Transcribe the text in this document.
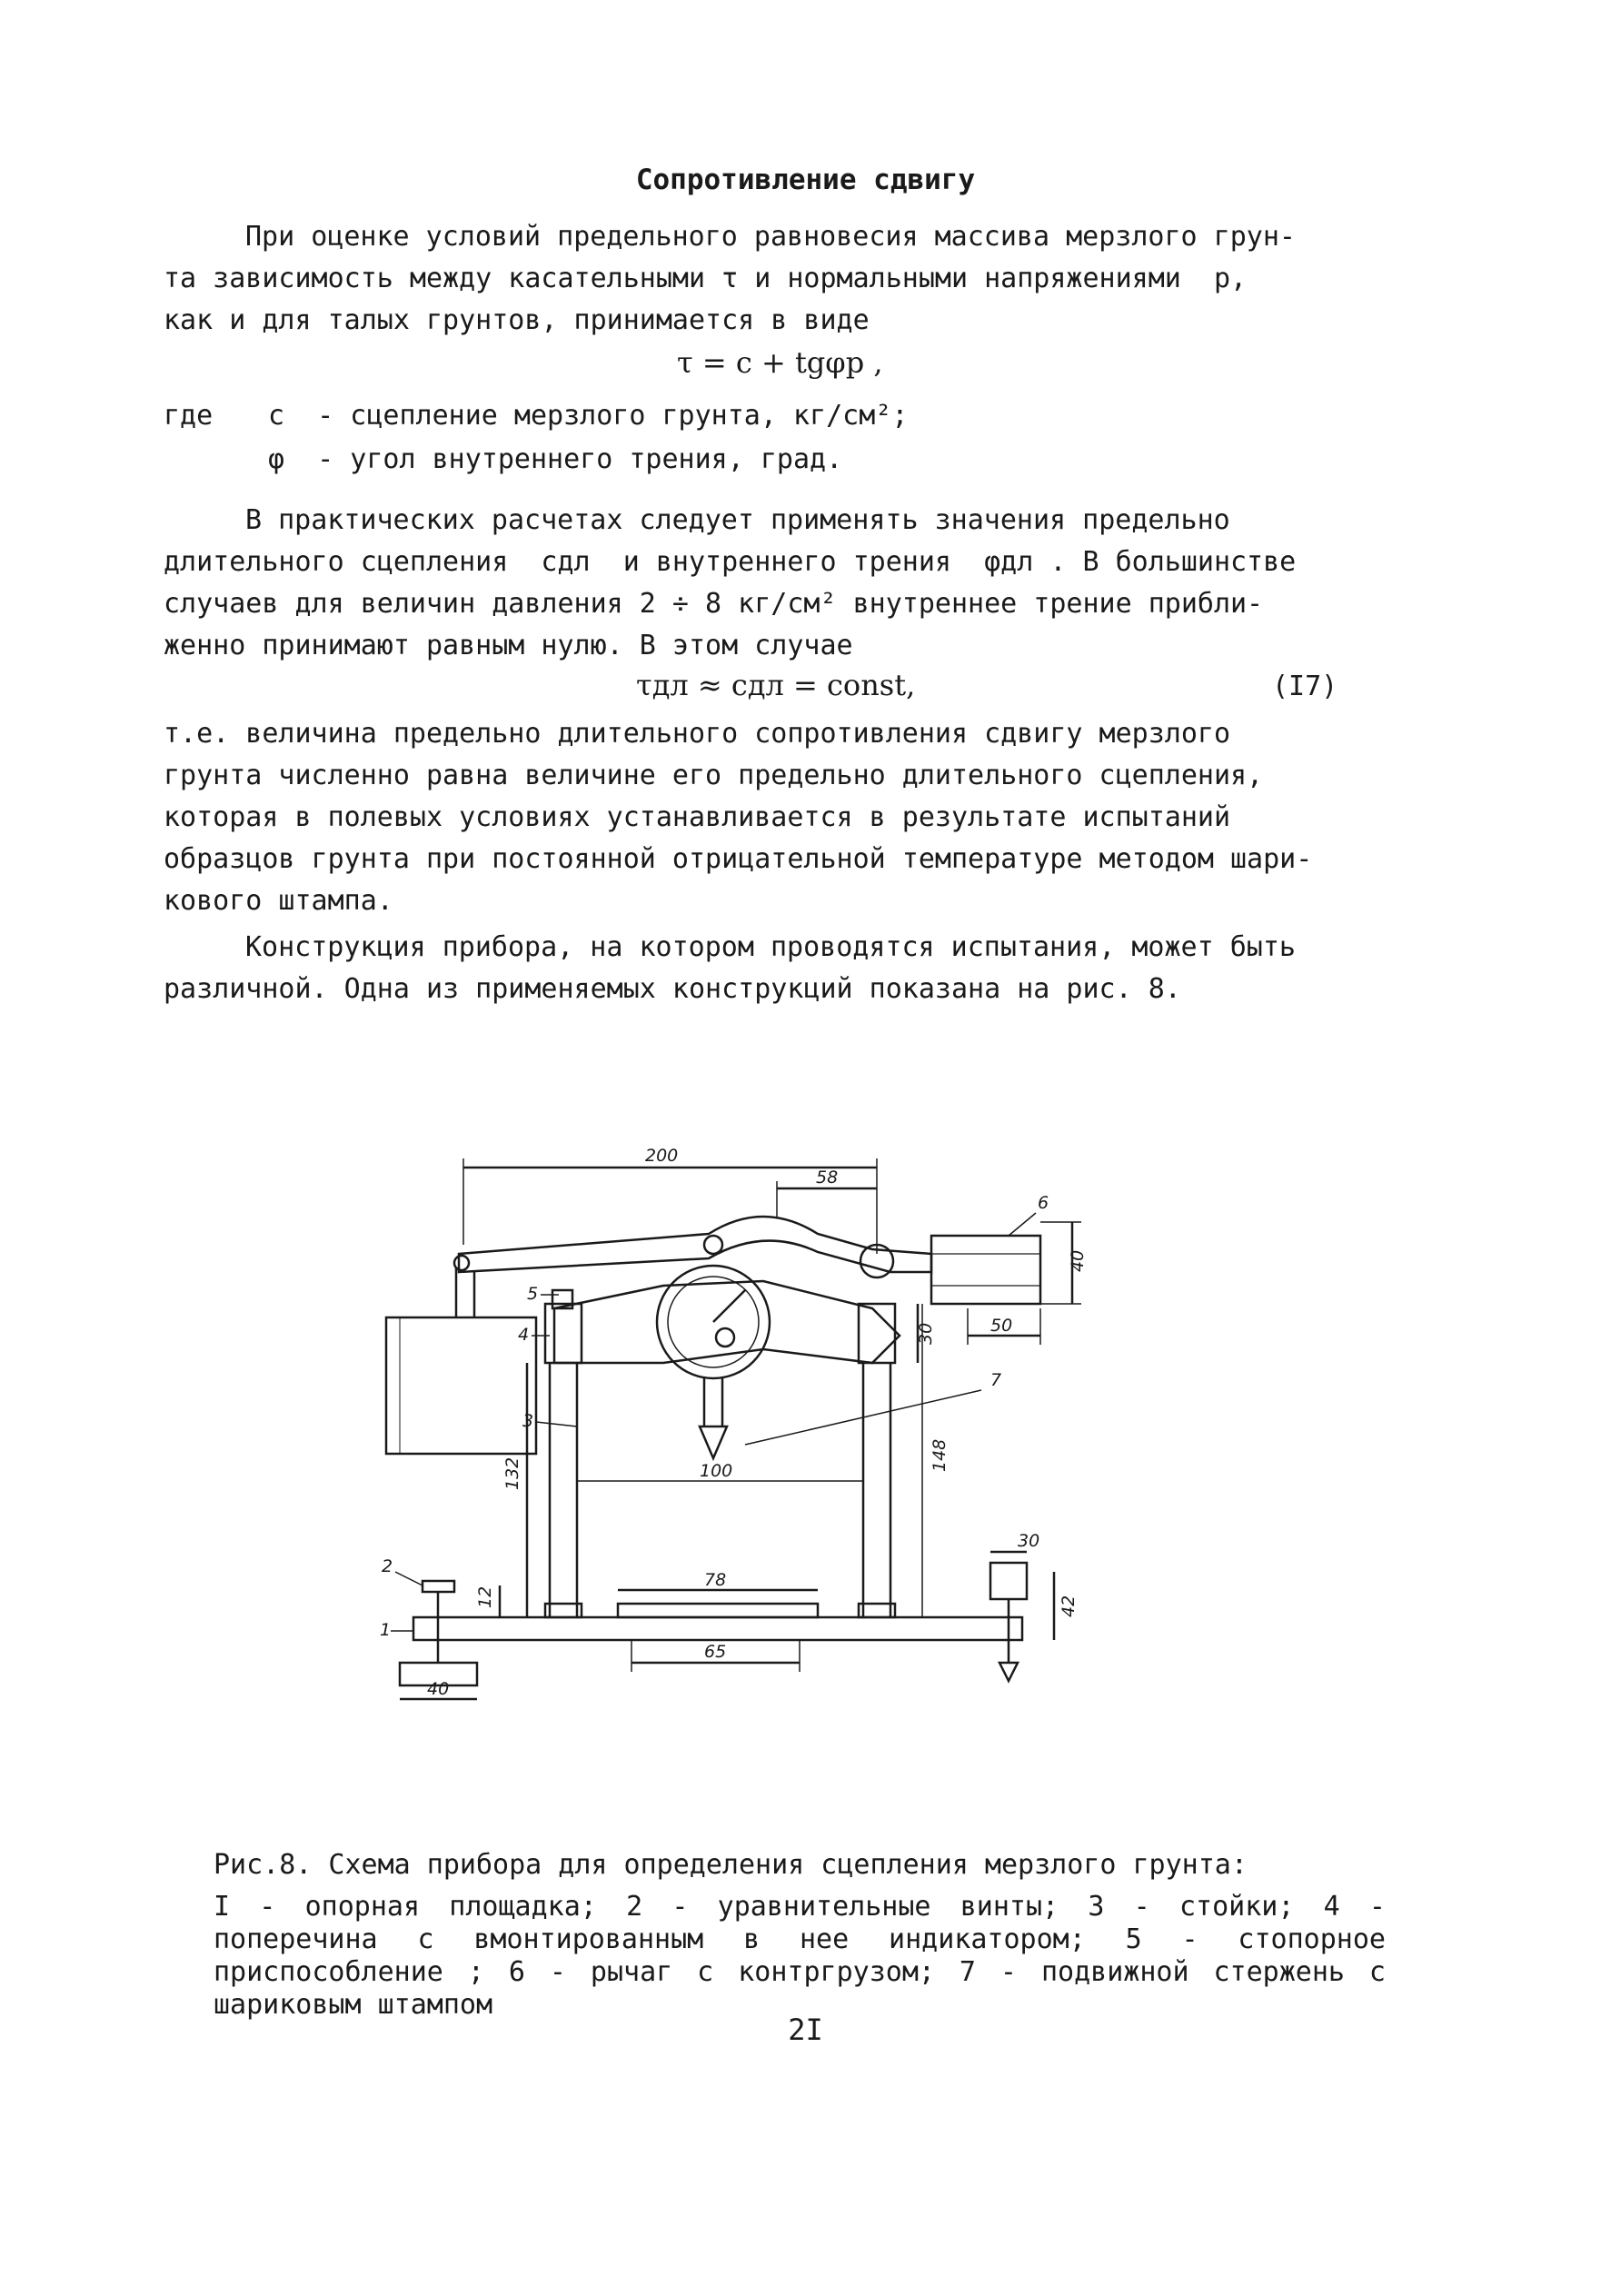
Сопротивление сдвигу

При оценке условий предельного равновесия массива мерзлого грун-
та зависимость между касательными τ и нормальными напряжениями  p,
как и для талых грунтов, принимается в виде

τ = c + tgφp ,
где c  - сцепление мерзлого грунта, кг/см²;
φ  - угол внутреннего трения, град.

В практических расчетах следует применять значения предельно
длительного сцепления  cдл  и внутреннего трения  φдл . В большинстве
случаев для величин давления 2 ÷ 8 кг/см² внутреннее трение прибли-
женно принимают равным нулю. В этом случае

τдл ≈ cдл = const,	(I7)

т.е. величина предельно длительного сопротивления сдвигу мерзлого
грунта численно равна величине его предельно длительного сцепления,
которая в полевых условиях устанавливается в результате испытаний
образцов грунта при постоянной отрицательной температуре методом шари-
кового штампа.

Конструкция прибора, на котором проводятся испытания, может быть
различной. Одна из применяемых конструкций показана на рис. 8.

200
58
40
50
6
7
30
132
148
100
3
4
5
1
78
65
12
2
40
30
42
Рис.8. Схема прибора для определения сцепления мерзлого грунта:
I - опорная площадка; 2 - уравнительные винты; 3 - стойки; 4 - поперечина с вмонтированным в нее индикатором; 5 - стопорное приспособление ; 6 - рычаг с контргрузом; 7 - подвижной стержень с шариковым штампом
2I
